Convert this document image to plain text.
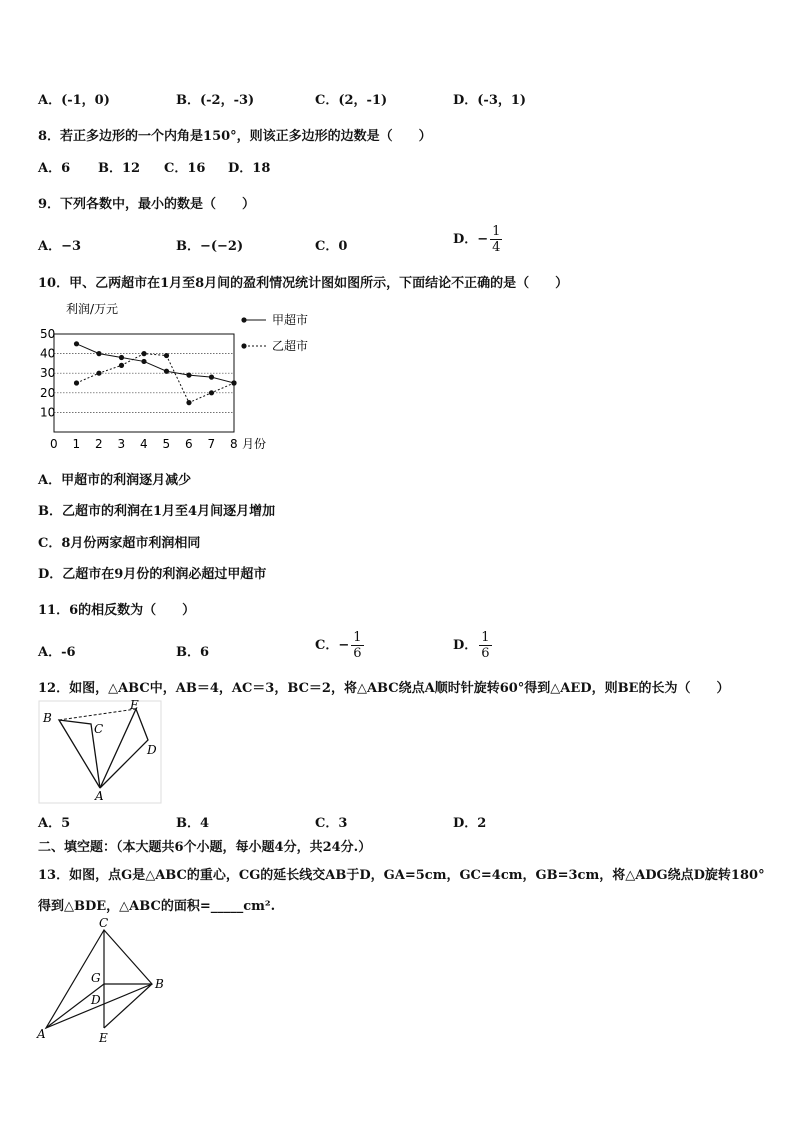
A．(-1，0)	B．(-2，-3)	C．(2，-1)	D．(-3，1)
8．若正多边形的一个内角是150°，则该正多边形的边数是（　　）
A．6 B．12 C．16 D．18
9．下列各数中，最小的数是（　　）
A．−3	B．−(−2)	C．0	D．− $\frac{1}{4}$
10．甲、乙两超市在1月至8月间的盈利情况统计图如图所示，下面结论不正确的是（　　）
10
20
30
40
50
0 1 2 3 4 5 6 7 8
利润/万元
月份
甲超市
乙超市
A．甲超市的利润逐月减少
B．乙超市的利润在1月至4月间逐月增加
C．8月份两家超市利润相同
D．乙超市在9月份的利润必超过甲超市
11．6的相反数为（　　）
A．-6	B．6	C．− $\frac{1}{6}$	D． $\frac{1}{6}$
12．如图，△ABC中，AB＝4，AC＝3，BC＝2，将△ABC绕点A顺时针旋转60°得到△AED，则BE的长为（　　）
B
C
E
D
A
A．5	B．4	C．3	D．2
二、填空题：（本大题共6个小题，每小题4分，共24分.）
13．如图，点G是△ABC的重心，CG的延长线交AB于D，GA=5cm，GC=4cm，GB=3cm，将△ADG绕点D旋转180°
得到△BDE，△ABC的面积=_____cm².
C
G	B
D
A	E
